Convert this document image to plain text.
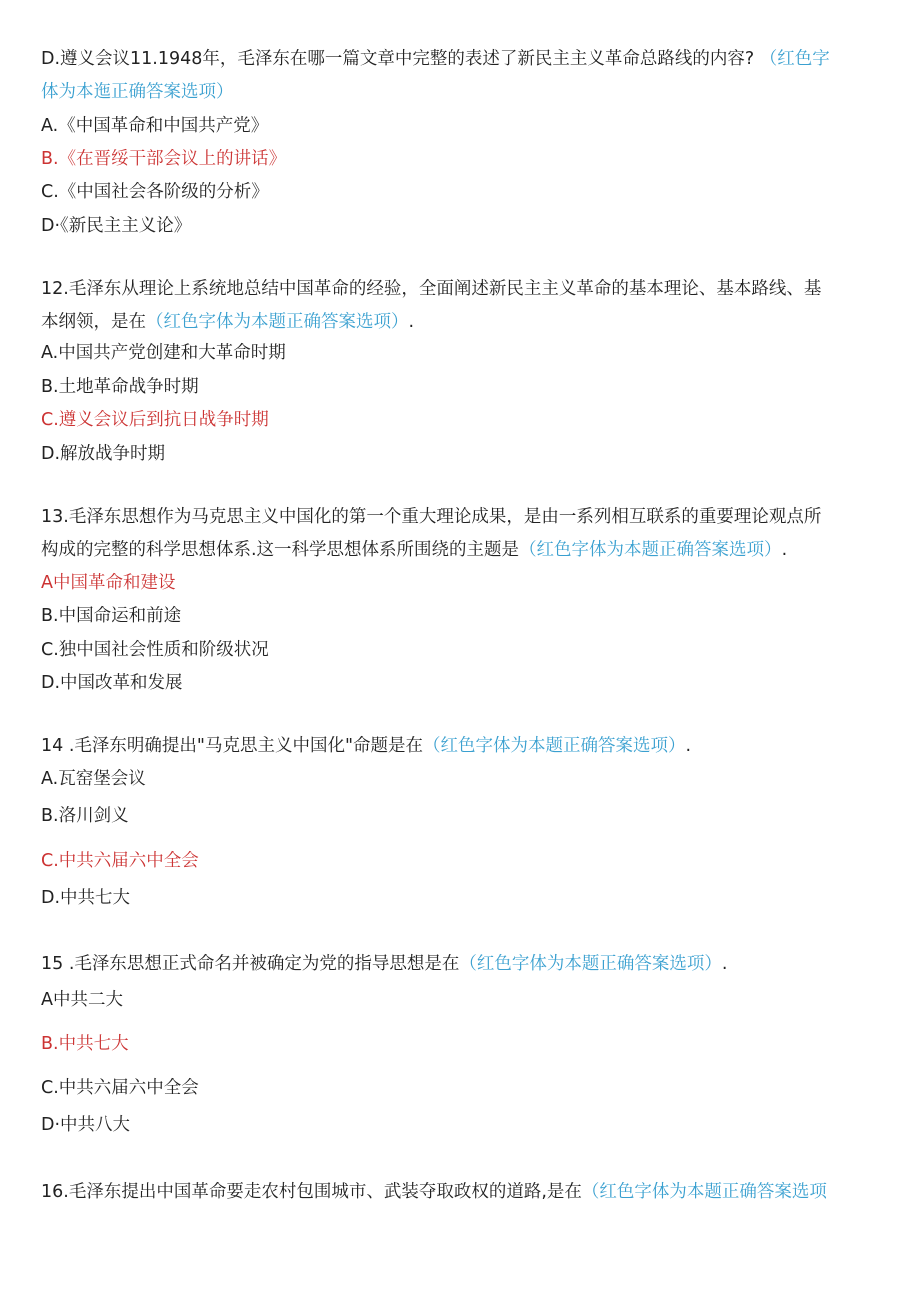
D.遵义会议11.1948年，毛泽东在哪一篇文章中完整的表述了新民主主义革命总路线的内容? （红色字
体为本迤正确答案选项）
A.《中国革命和中国共产党》
B.《在晋绥干部会议上的讲话》
C.《中国社会各阶级的分析》
D·《新民主主义论》
12.毛泽东从理论上系统地总结中国革命的经验，全面阐述新民主主义革命的基本理论、基本路线、基
本纲领，是在（红色字体为本题正确答案选项）.
A.中国共产党创建和大革命时期
B.土地革命战争时期
C.遵义会议后到抗日战争时期
D.解放战争时期
13.毛泽东思想作为马克思主义中国化的第一个重大理论成果，是由一系列相互联系的重要理论观点所
构成的完整的科学思想体系.这一科学思想体系所围绕的主题是（红色字体为本题正确答案选项）.
A中国革命和建设
B.中国命运和前途
C.独中国社会性质和阶级状况
D.中国改革和发展
14 .毛泽东明确提出"马克思主义中国化"命题是在（红色字体为本题正确答案选项）.
A.瓦窑堡会议
B.洛川剑义
C.中共六届六中全会
D.中共七大
15 .毛泽东思想正式命名并被确定为党的指导思想是在（红色字体为本题正确答案选项）.
A中共二大
B.中共七大
C.中共六届六中全会
D·中共八大
16.毛泽东提出中国革命要走农村包围城市、武装夺取政权的道路,是在（红色字体为本题正确答案选项
